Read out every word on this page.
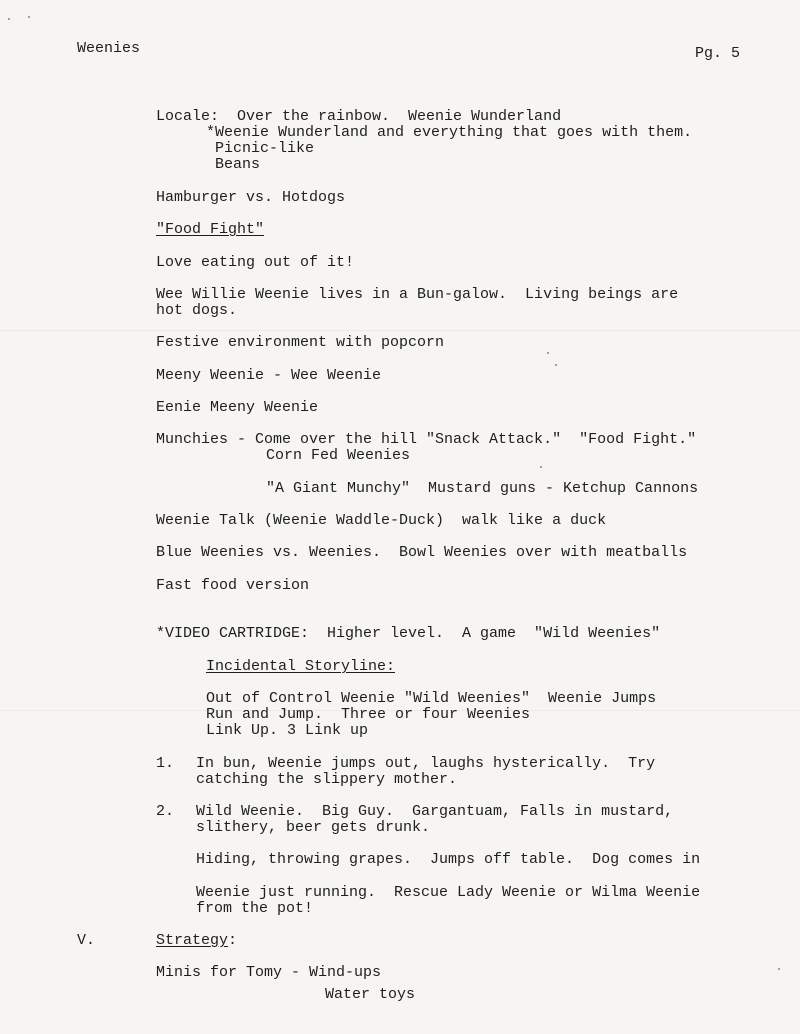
Weenies	Pg. 5
Locale:  Over the rainbow.  Weenie Wunderland
*Weenie Wunderland and everything that goes with them.
Picnic-like
Beans
Hamburger vs. Hotdogs
"Food Fight"
Love eating out of it!
Wee Willie Weenie lives in a Bun-galow.  Living beings are
hot dogs.
Festive environment with popcorn
Meeny Weenie - Wee Weenie
Eenie Meeny Weenie
Munchies - Come over the hill "Snack Attack."  "Food Fight."
Corn Fed Weenies
"A Giant Munchy"  Mustard guns - Ketchup Cannons
Weenie Talk (Weenie Waddle-Duck)  walk like a duck
Blue Weenies vs. Weenies.  Bowl Weenies over with meatballs
Fast food version
*VIDEO CARTRIDGE:  Higher level.  A game  "Wild Weenies"
Incidental Storyline:
Out of Control Weenie "Wild Weenies"  Weenie Jumps
Run and Jump.  Three or four Weenies
Link Up. 3 Link up
1. In bun, Weenie jumps out, laughs hysterically.  Try
catching the slippery mother.
2. Wild Weenie.  Big Guy.  Gargantuam, Falls in mustard,
slithery, beer gets drunk.
Hiding, throwing grapes.  Jumps off table.  Dog comes in
Weenie just running.  Rescue Lady Weenie or Wilma Weenie
from the pot!
V.	Strategy:
Minis for Tomy - Wind-ups
Water toys
